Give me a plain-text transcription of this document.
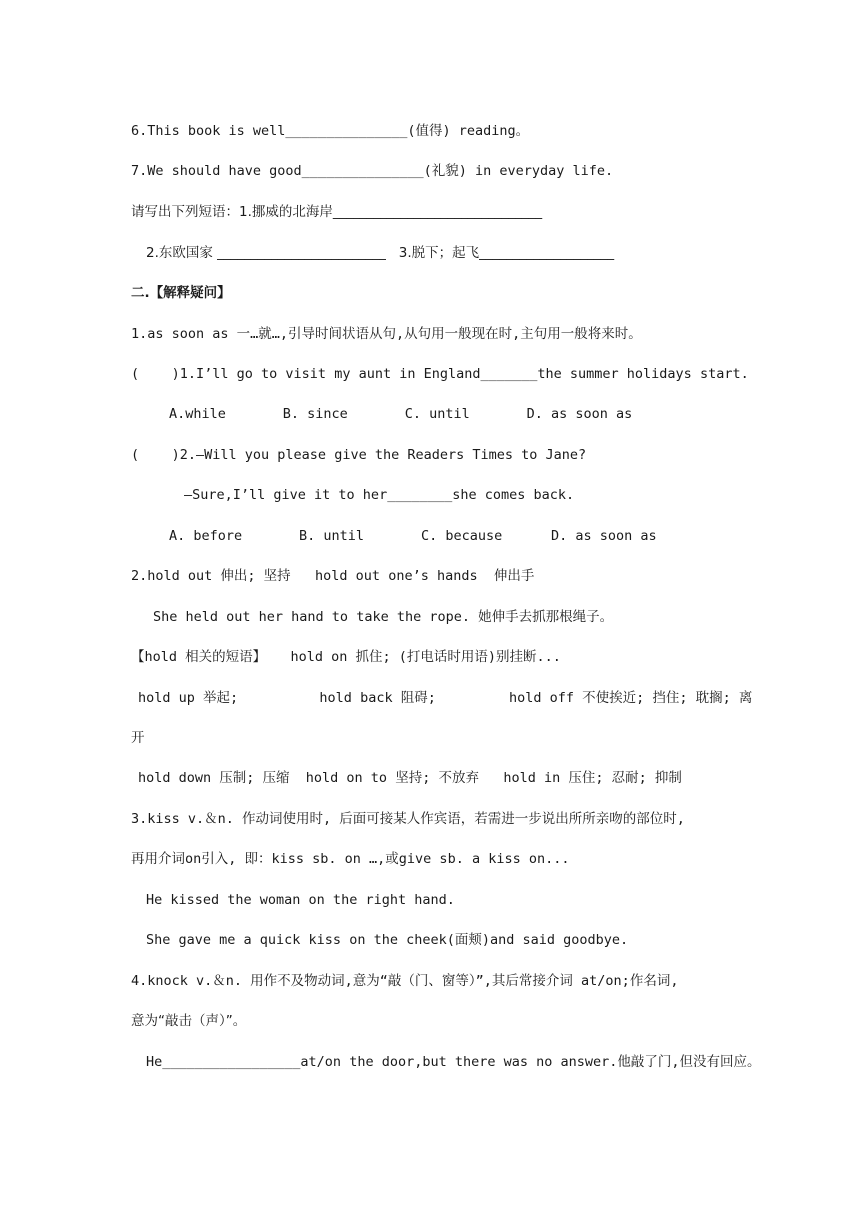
6.This book is well_______________(值得) reading。
7.We should have good_______________(礼貌) in everyday life.
请写出下列短语：1.挪威的北海岸_______________________________
2.东欧国家 _________________________   3.脱下；起飞____________________
二.【解释疑问】
1.as soon as 一…就…,引导时间状语从句,从句用一般现在时,主句用一般将来时。
(    )1.I’ll go to visit my aunt in England_______the summer holidays start.
A.while       B. since       C. until       D. as soon as
(    )2.—Will you please give the Readers Times to Jane?
—Sure,I’ll give it to her________she comes back.
A. before       B. until       C. because      D. as soon as
2.hold out 伸出; 坚持   hold out one’s hands  伸出手
She held out her hand to take the rope. 她伸手去抓那根绳子。
【hold 相关的短语】   hold on 抓住; (打电话时用语)别挂断...
hold up 举起;          hold back 阻碍;         hold off 不使挨近; 挡住; 耽搁; 离
开
hold down 压制; 压缩  hold on to 坚持; 不放弃   hold in 压住; 忍耐; 抑制
3.kiss v.＆n. 作动词使用时, 后面可接某人作宾语，若需进一步说出所所亲吻的部位时,
再用介词on引入, 即：kiss sb. on …,或give sb. a kiss on...
He kissed the woman on the right hand.
She gave me a quick kiss on the cheek(面颊)and said goodbye.
4.knock v.＆n. 用作不及物动词,意为“敲（门、窗等）”,其后常接介词 at/on;作名词,
意为“敲击（声）”。
He_________________at/on the door,but there was no answer.他敲了门,但没有回应。
